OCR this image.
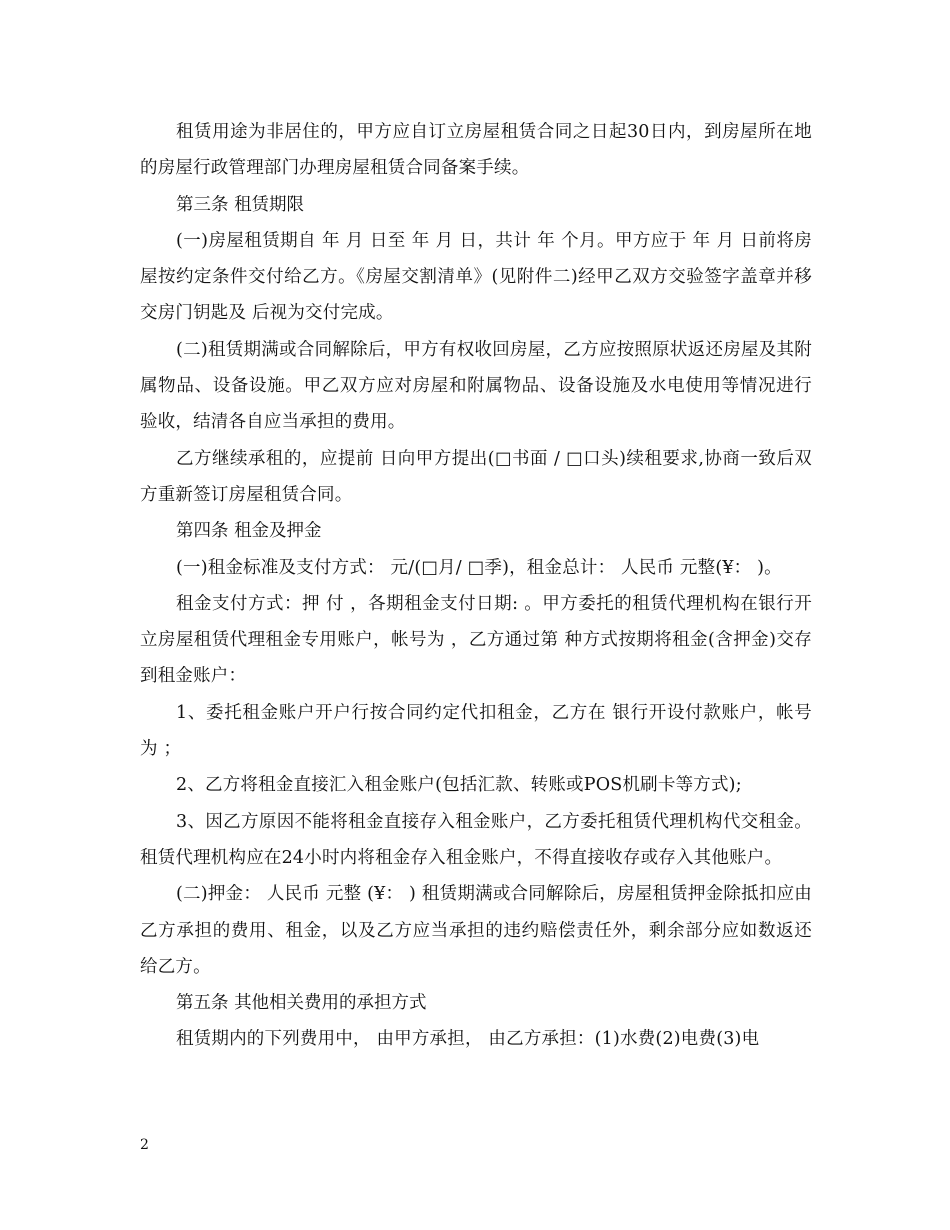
租赁用途为非居住的，甲方应自订立房屋租赁合同之日起30日内，到房屋所在地的房屋行政管理部门办理房屋租赁合同备案手续。

第三条 租赁期限

(一)房屋租赁期自 年 月 日至 年 月 日，共计 年 个月。甲方应于 年 月 日前将房屋按约定条件交付给乙方。《房屋交割清单》(见附件二)经甲乙双方交验签字盖章并移交房门钥匙及 后视为交付完成。

(二)租赁期满或合同解除后，甲方有权收回房屋，乙方应按照原状返还房屋及其附属物品、设备设施。甲乙双方应对房屋和附属物品、设备设施及水电使用等情况进行验收，结清各自应当承担的费用。

乙方继续承租的，应提前 日向甲方提出(□书面 / □口头)续租要求,协商一致后双方重新签订房屋租赁合同。

第四条 租金及押金

(一)租金标准及支付方式： 元/(□月/ □季)，租金总计： 人民币 元整(¥： )。

租金支付方式：押 付 ，各期租金支付日期: 。甲方委托的租赁代理机构在银行开立房屋租赁代理租金专用账户，帐号为 ，乙方通过第 种方式按期将租金(含押金)交存到租金账户：

1、委托租金账户开户行按合同约定代扣租金，乙方在 银行开设付款账户，帐号为 ；

2、乙方将租金直接汇入租金账户(包括汇款、转账或POS机刷卡等方式);

3、因乙方原因不能将租金直接存入租金账户，乙方委托租赁代理机构代交租金。租赁代理机构应在24小时内将租金存入租金账户，不得直接收存或存入其他账户。

(二)押金： 人民币 元整 (¥： ) 租赁期满或合同解除后，房屋租赁押金除抵扣应由乙方承担的费用、租金，以及乙方应当承担的违约赔偿责任外，剩余部分应如数返还给乙方。

第五条 其他相关费用的承担方式

租赁期内的下列费用中， 由甲方承担， 由乙方承担：(1)水费(2)电费(3)电

2
